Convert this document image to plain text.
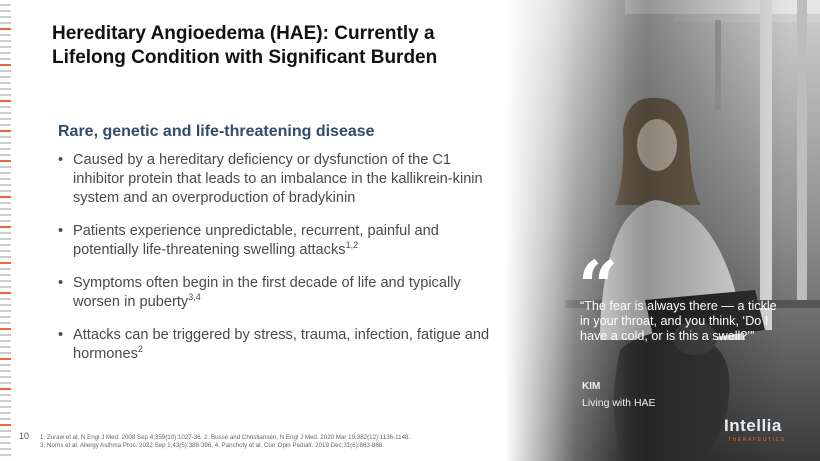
Hereditary Angioedema (HAE): Currently a Lifelong Condition with Significant Burden
Rare, genetic and life-threatening disease
• Caused by a hereditary deficiency or dysfunction of the C1 inhibitor protein that leads to an imbalance in the kallikrein-kinin system and an overproduction of bradykinin
• Patients experience unpredictable, recurrent, painful and potentially life-threatening swelling attacks$^{1,2}$
• Symptoms often begin in the first decade of life and typically worsen in puberty$^{3,4}$
• Attacks can be triggered by stress, trauma, infection, fatigue and hormones$^2$
10 1. Zuraw et al. N Engl J Med. 2008 Sep 4;359(10):1027-36. 2. Busse and Christiansen, N Engl J Med. 2020 Mar 19;382(12):1136-1148.
3. Norris et al. Allergy Asthma Proc. 2022 Sep 1;43(5):388-396. 4. Pancholy et al. Curr Opin Pediatr. 2019 Dec;31(6):863-868.
“
“The fear is always there — a tickle in your throat, and you think, ‘Do I have a cold, or is this a swell?’”
KIM
Living with HAE
Intellia
THERAPEUTICS
